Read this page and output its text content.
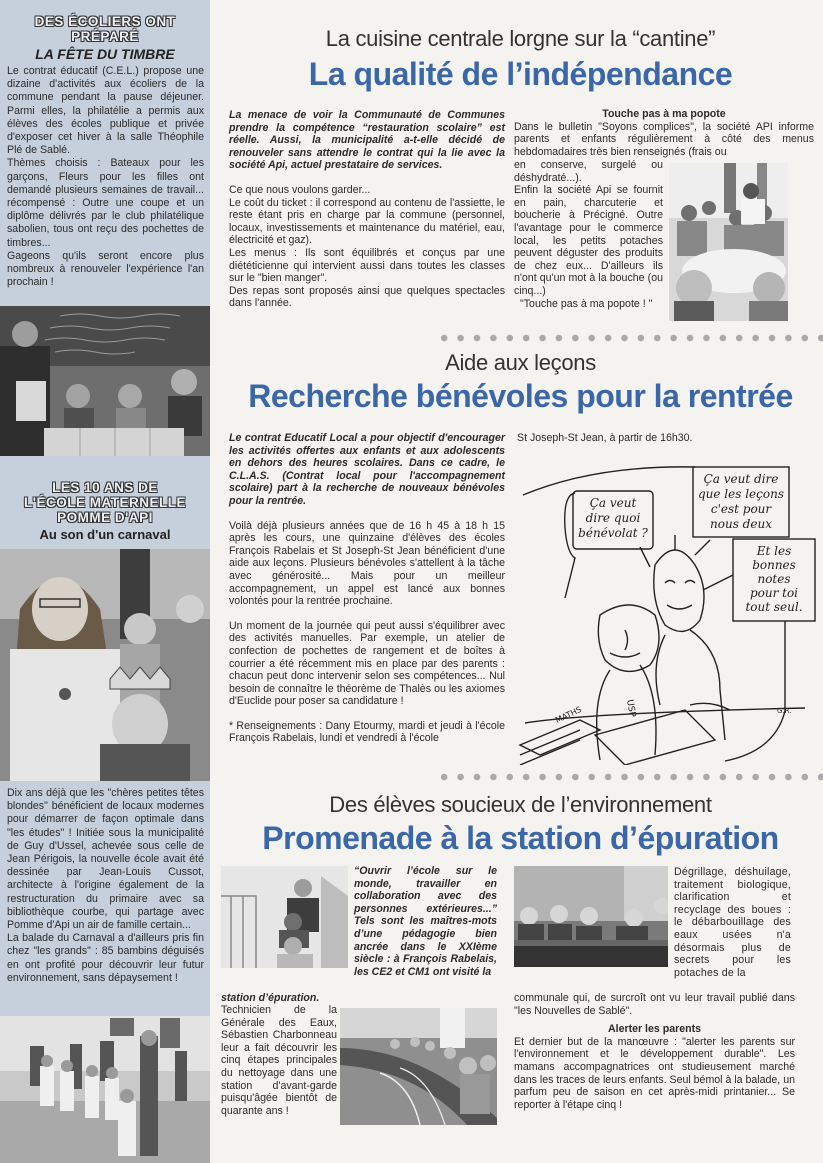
DES ÉCOLIERS ONT
PRÉPARÉ
LA FÊTE DU TIMBRE

Le contrat éducatif (C.E.L.) propose une dizaine d'activités aux écoliers de la commune pendant la pause déjeuner. Parmi elles, la philatélie a permis aux élèves des écoles publique et privée d'exposer cet hiver à la salle Théophile Plé de Sablé.

Thèmes choisis : Bateaux pour les garçons, Fleurs pour les filles ont demandé plusieurs semaines de travail... récompensé : Outre une coupe et un diplôme délivrés par le club philatélique sabolien, tous ont reçu des pochettes de timbres...

Gageons qu'ils seront encore plus nombreux à renouveler l'expérience l'an prochain !

LES 10 ANS DE
L'ÉCOLE MATERNELLE
POMME D'API
Au son d'un carnaval

Dix ans déjà que les "chères petites têtes blondes" bénéficient de locaux modernes pour démarrer de façon optimale dans "les études" ! Initiée sous la municipalité de Guy d'Ussel, achevée sous celle de Jean Périgois, la nouvelle école avait été dessinée par Jean-Louis Cussot, architecte à l'origine également de la restructuration du primaire avec sa bibliothèque courbe, qui partage avec Pomme d'Api un air de famille certain...

La balade du Carnaval a d'ailleurs pris fin chez "les grands" : 85 bambins déguisés en ont profité pour découvrir leur futur environnement, sans dépaysement !

La cuisine centrale lorgne sur la “cantine”
La qualité de l’indépendance

La menace de voir la Communauté de Communes prendre la compétence “restauration scolaire” est réelle. Aussi, la municipalité a-t-elle décidé de renouveler sans attendre le contrat qui la lie avec la société Api, actuel prestataire de services.

Ce que nous voulons garder...

Le coût du ticket : il correspond au contenu de l'assiette, le reste étant pris en charge par la commune (personnel, locaux, investissements et maintenance du matériel, eau, électricité et gaz).

Les menus : Ils sont équilibrés et conçus par une diététicienne qui intervient aussi dans toutes les classes sur le "bien manger".

Des repas sont proposés ainsi que quelques spectacles dans l'année.

Touche pas à ma popote

Dans le bulletin "Soyons complices", la société API informe parents et enfants régulièrement à côté des menus hebdomadaires très bien renseignés (frais ou

en conserve, surgelé ou déshydraté...).

Enfin la société Api se fournit en pain, charcuterie et boucherie à Précigné. Outre l'avantage pour le commerce local, les petits potaches peuvent déguster des produits de chez eux... D'ailleurs ils n'ont qu'un mot à la bouche (ou cinq...)

"Touche pas à ma popote ! "

Aide aux leçons
Recherche bénévoles pour la rentrée

Le contrat Educatif Local a pour objectif d'encourager les activités offertes aux enfants et aux adolescents en dehors des heures scolaires. Dans ce cadre, le C.L.A.S. (Contrat local pour l'accompagnement scolaire) part à la recherche de nouveaux bénévoles pour la rentrée.

Voilà déjà plusieurs années que de 16 h 45 à 18 h 15 après les cours, une quinzaine d'élèves des écoles François Rabelais et St Joseph-St Jean bénéficient d'une aide aux leçons. Plusieurs bénévoles s'attellent à la tâche avec générosité... Mais pour un meilleur accompagnement, un appel est lancé aux bonnes volontés pour la rentrée prochaine.

Un moment de la journée qui peut aussi s'équilibrer avec des activités manuelles. Par exemple, un atelier de confection de pochettes de rangement et de boîtes à courrier a été récemment mis en place par des parents : chacun peut donc intervenir selon ses compétences... Nul besoin de connaître le théorème de Thalès ou les axiomes d'Euclide pour poser sa candidature !

* Renseignements : Dany Etourmy, mardi et jeudi à l'école François Rabelais, lundi et vendredi à l'école

St Joseph-St Jean, à partir de 16h30.

Ça veut
dire quoi
bénévolat ?
Ça veut dire
que les leçons
c'est pour
nous deux
Et les
bonnes
notes
pour toi
tout seul.
USP
MATHS	G.R.
Des élèves soucieux de l’environnement
Promenade à la station d’épuration

“Ouvrir l’école sur le monde, travailler en collaboration avec des personnes extérieures...” Tels sont les maîtres-mots d’une pédagogie bien ancrée dans le XXIème siècle : à François Rabelais, les CE2 et CM1 ont visité la

station d’épuration.

Technicien de la Générale des Eaux, Sébastien Charbonneau leur a fait découvrir les cinq étapes principales du nettoyage dans une station d'avant-garde puisqu'âgée bientôt de quarante ans !

Dégrillage, déshuilage, traitement biologique, clarification et recyclage des boues : le débarbouillage des eaux usées n'a désormais plus de secrets pour les potaches de la

communale qui, de surcroît ont vu leur travail publié dans "les Nouvelles de Sablé".

Alerter les parents

Et dernier but de la manœuvre : "alerter les parents sur l'environnement et le développement durable". Les mamans accompagnatrices ont studieusement marché dans les traces de leurs enfants. Seul bémol à la balade, un parfum peu de saison en cet après-midi printanier... Se reporter à l'étape cinq !
